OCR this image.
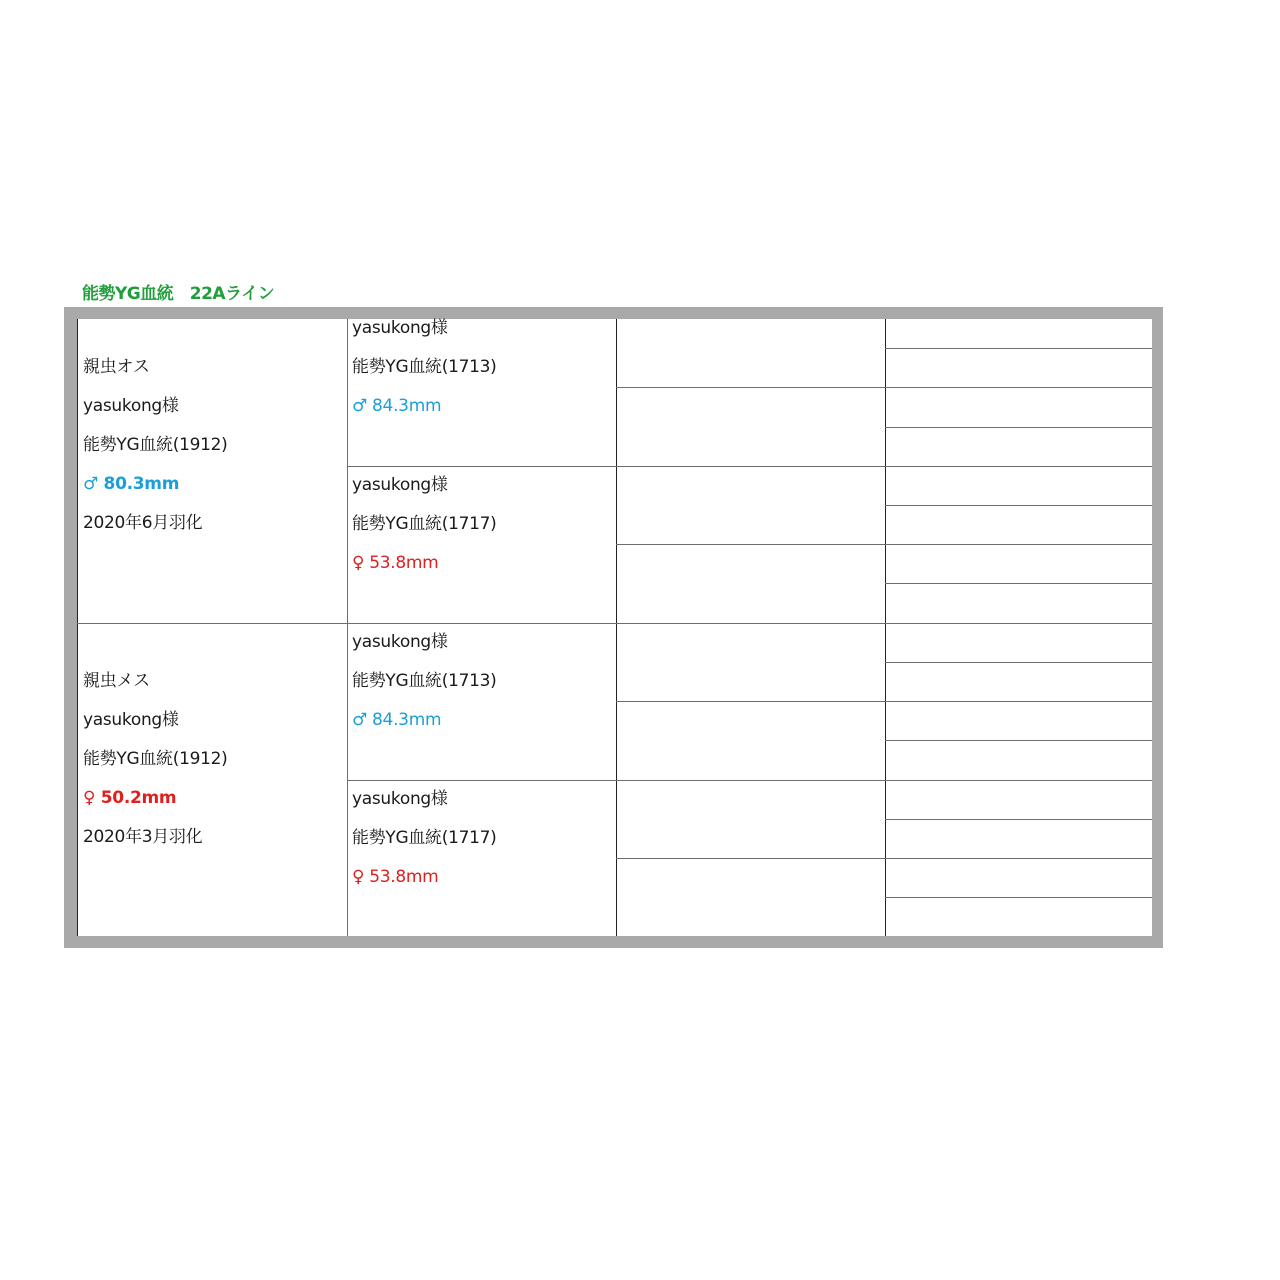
能勢YG血統　22Aライン
親虫オス
yasukong様
能勢YG血統(1912)
♂ 80.3mm
2020年6月羽化
親虫メス
yasukong様
能勢YG血統(1912)
♀ 50.2mm
2020年3月羽化
yasukong様
能勢YG血統(1713)
♂ 84.3mm
yasukong様
能勢YG血統(1717)
♀ 53.8mm
yasukong様
能勢YG血統(1713)
♂ 84.3mm
yasukong様
能勢YG血統(1717)
♀ 53.8mm
